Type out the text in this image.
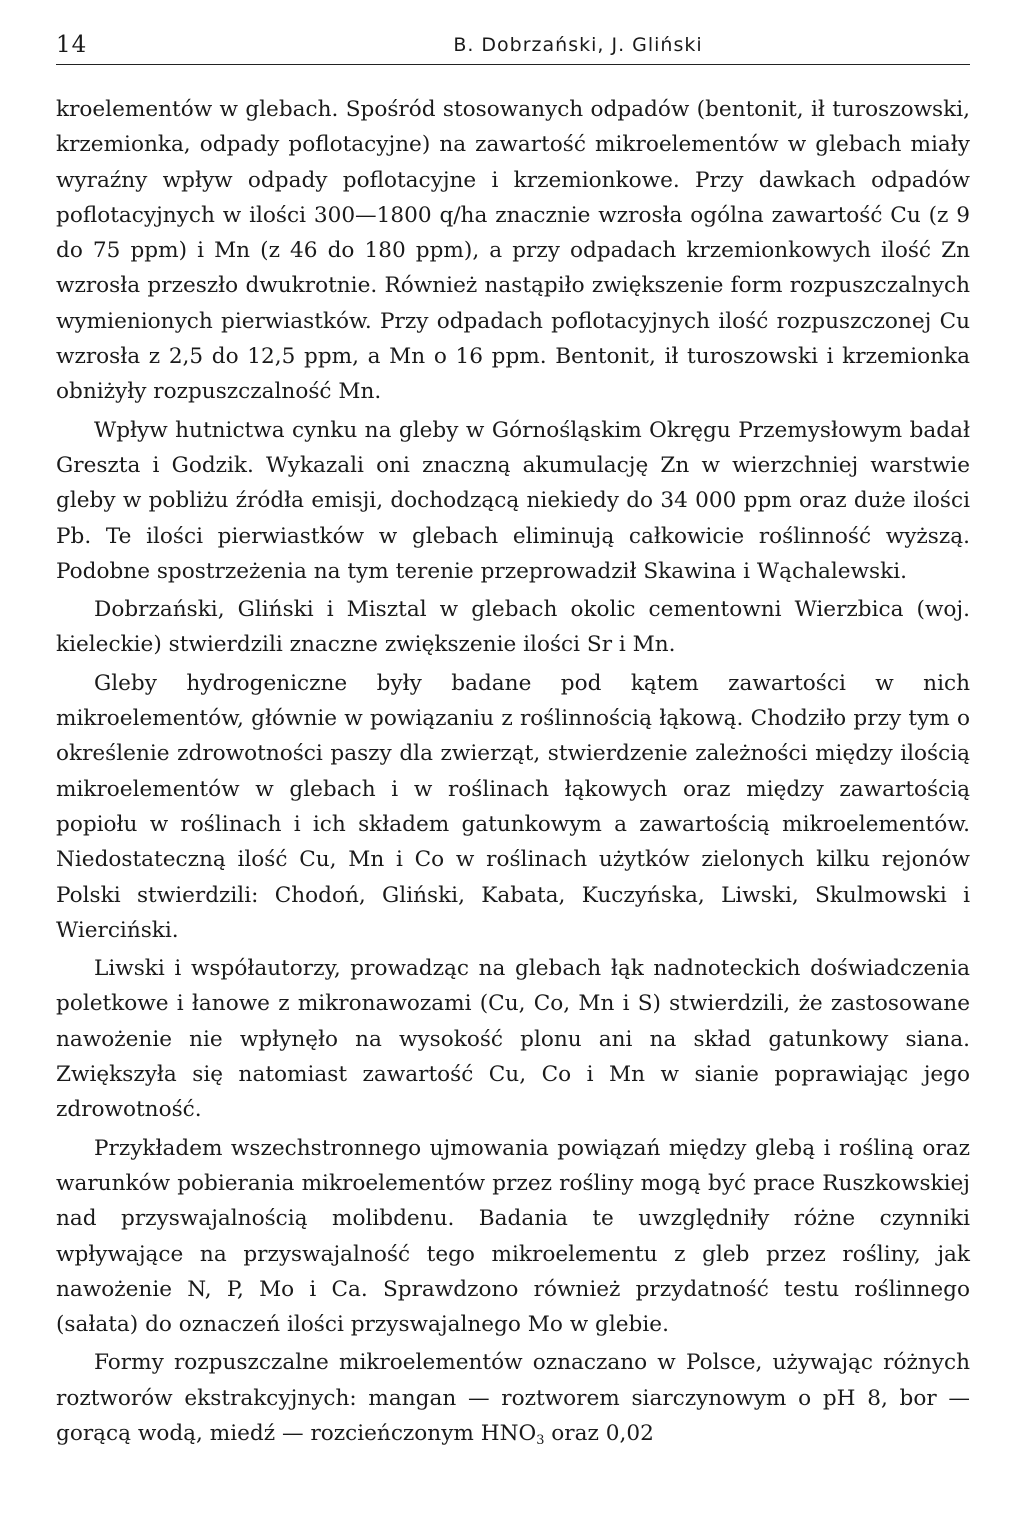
14	B. Dobrzański, J. Gliński

kroelementów w glebach. Spośród stosowanych odpadów (bentonit, ił turoszowski, krzemionka, odpady poflotacyjne) na zawartość mikroelementów w glebach miały wyraźny wpływ odpady poflotacyjne i krzemionkowe. Przy dawkach odpadów poflotacyjnych w ilości 300—1800 q/ha znacznie wzrosła ogólna zawartość Cu (z 9 do 75 ppm) i Mn (z 46 do 180 ppm), a przy odpadach krzemionkowych ilość Zn wzrosła przeszło dwukrotnie. Również nastąpiło zwiększenie form rozpuszczalnych wymienionych pierwiastków. Przy odpadach poflotacyjnych ilość rozpuszczonej Cu wzrosła z 2,5 do 12,5 ppm, a Mn o 16 ppm. Bentonit, ił turoszowski i krzemionka obniżyły rozpuszczalność Mn.

Wpływ hutnictwa cynku na gleby w Górnośląskim Okręgu Przemysłowym badał Greszta i Godzik. Wykazali oni znaczną akumulację Zn w wierzchniej warstwie gleby w pobliżu źródła emisji, dochodzącą niekiedy do 34 000 ppm oraz duże ilości Pb. Te ilości pierwiastków w glebach eliminują całkowicie roślinność wyższą. Podobne spostrzeżenia na tym terenie przeprowadził Skawina i Wąchalewski.

Dobrzański, Gliński i Misztal w glebach okolic cementowni Wierzbica (woj. kieleckie) stwierdzili znaczne zwiększenie ilości Sr i Mn.

Gleby hydrogeniczne były badane pod kątem zawartości w nich mikroelementów, głównie w powiązaniu z roślinnością łąkową. Chodziło przy tym o określenie zdrowotności paszy dla zwierząt, stwierdzenie zależności między ilością mikroelementów w glebach i w roślinach łąkowych oraz między zawartością popiołu w roślinach i ich składem gatunkowym a zawartością mikroelementów. Niedostateczną ilość Cu, Mn i Co w roślinach użytków zielonych kilku rejonów Polski stwierdzili: Chodoń, Gliński, Kabata, Kuczyńska, Liwski, Skulmowski i Wierciński.

Liwski i współautorzy, prowadząc na glebach łąk nadnoteckich doświadczenia poletkowe i łanowe z mikronawozami (Cu, Co, Mn i S) stwierdzili, że zastosowane nawożenie nie wpłynęło na wysokość plonu ani na skład gatunkowy siana. Zwiększyła się natomiast zawartość Cu, Co i Mn w sianie poprawiając jego zdrowotność.

Przykładem wszechstronnego ujmowania powiązań między glebą i rośliną oraz warunków pobierania mikroelementów przez rośliny mogą być prace Ruszkowskiej nad przyswajalnością molibdenu. Badania te uwzględniły różne czynniki wpływające na przyswajalność tego mikroelementu z gleb przez rośliny, jak nawożenie N, P, Mo i Ca. Sprawdzono również przydatność testu roślinnego (sałata) do oznaczeń ilości przyswajalnego Mo w glebie.

Formy rozpuszczalne mikroelementów oznaczano w Polsce, używając różnych roztworów ekstrakcyjnych: mangan — roztworem siarczynowym o pH 8, bor — gorącą wodą, miedź — rozcieńczonym $HNO_3$ oraz 0,02
